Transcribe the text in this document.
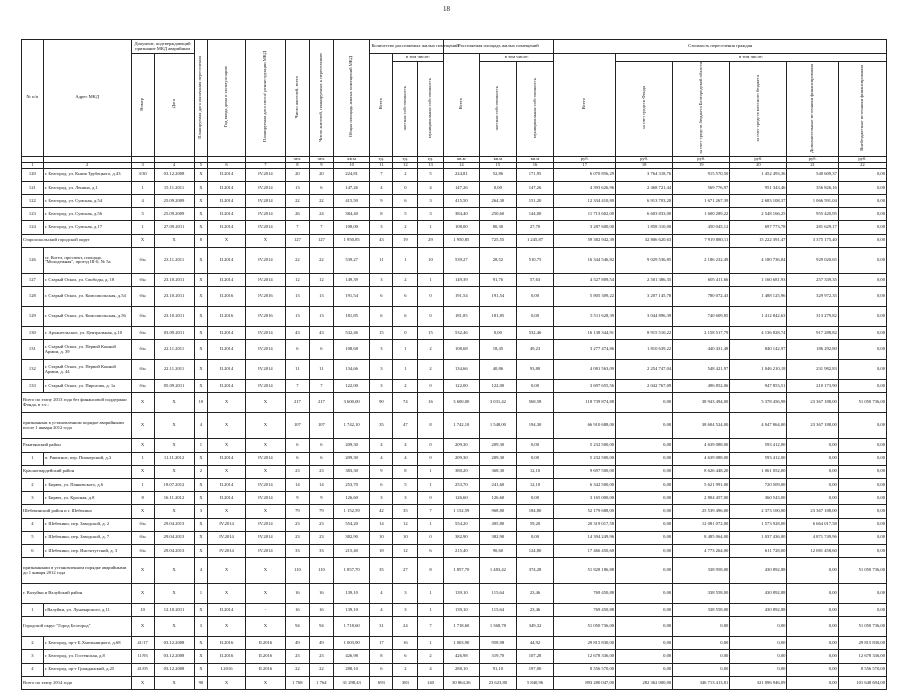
18
№ п/п	Адрес МКД	Документ, подтверждающий признание МКД аварийным		Планируемая дата окончания переселения	Год ввода дома в эксплуатацию	Планируемая дата сноса/ реконструкции МКД	Число жителей, всего	Число жителей, планируемых к переселению	Общая площадь жилых помещений МКД	Количество расселяемых жилых помещений			Расселяемая площадь жилых помещений			Стоимость переселения граждан					
		Номер	Дата							Всего	в том числе:		Всего	в том числе:		Всего	в том числе:				
											частная собственность	муниципальная собственность		частная собственность	муниципальная собственность		за счет средств Фонда	за счет средств бюджета Белгородской области	за счет средств местного бюджета	Дополнительные источники финансирования	Внебюджетные источники финансирования
							чел.	чел.	кв.м	ед.	ед.	ед.	кв.м	кв.м	кв.м	руб.	руб.	руб.	руб.	руб.	руб.
1	2	3	4	5	6	7	8	9	10	11	12	13	14	15	16	17	18	19	20	21	22
120	г. Белгород, ул. Князя Трубецкого, д.43	3/30	03.12.2008	X	II.2014	IV.2014	20	20	224,81	7	2	5	224,81	52,86	171,95	6 070 856,29	3 764 318,76	915 570,50	1 452 493,36	540 609,37	0,00
121	г. Белгород, ул. Ленина, д.1	1	15.11.2011	X	II.2014	IV.2014	13	6	147,26	4	0	4	147,26	0,00	147,26	4 393 626,96	2 468 721,44	569 776,97	951 343,46	356 826,16	0,00
122	г. Белгород, ул. Сумская, д.54	4	25.09.2009	X	II.2014	IV.2014	22	22	415,50	9	6	3	415,50	264,30	151,20	12 334 410,80	6 913 703,20	1 671 267,39	2 683 108,37	1 066 591,04	0,00
123	г. Белгород, ул. Сумская, д.56	5	25.09.2009	X	II.2014	IV.2014	26	24	384,40	8	5	3	384,40	250,60	144,00	11 713 602,00	6 603 833,00	1 600 289,22	2 548 166,25	955 420,95	0,00
124	г. Белгород, ул. Сумская, д.17	1	27.09.2011	X	II.2014	IV.2014	7	7	108,00	3	2	1	108,00	80,30	27,70	3 287 600,00	1 858 310,00	450 045,12	697 773,78	281 629,17	0,00
Старооскольский городской округ		X	X	8	X	X	127	127	1 950,85	43	19	29	1 950,85	725,55	1 245,87	59 382 942,39	32 806 620,63	7 919 880,11	15 222 391,47	3 375 175,40	0,00
126	ст. Котел, проспект, площадь "Молодежная", проезд III-6, № 5а	б/н	23.11.2011	X	II.2014	IV.2014	22	22	539,27	11	1	10	539,27	28,52	510,75	16 344 546,82	9 029 536,85	2 186 232,49	4 180 736,84	929 020,65	0,00
127	г. Старый Оскол, ул. Свободы, д. 18	б/н	23.10.2011	X	II.2014	IV.2014	12	12	149,39	3	2	1	149,39	91,76	57,63	4 527 809,54	2 501 386,35	605 411,66	1 160 681,93	257 339,35	0,00
128	г. Старый Оскол, ул. Комсомольская, д.54	б/н	23.10.2011	X	II.2016	IV.2016	13	13	191,54	6	6	0	191,54	191,54	0,00	5 805 309,22	3 207 145,78	780 072,43	1 488 125,96	329 972,35	0,00
129	г. Старый Оскол, ул. Комсомольская, д.56	б/н	23.10.2011	X	II.2016	IV.2016	13	13	181,85	6	6	0	181,85	181,85	0,00	5 511 628,39	3 044 896,39	740 609,85	1 412 842,63	313 279,82	0,00
130	г. Архангельское, ул. Центральная, д.10	б/н	03.09.2011	X	II.2014	IV.2014	43	43	532,46	15	0	15	532,46	0,00	532,46	16 138 344,91	8 915 510,22	2 158 517,79	4 136 828,74	917 288,82	0,00
131	г. Старый Оскол, ул. Первой Конной Армии, д. 39	б/н	22.11.2011	X	II.2014	IV.2014	6	6	108,68	3	1	2	108,68	18,45	49,23	3 277 474,86	1 810 639,22	440 431,48	840 142,97	186 292,80	0,00
132	г. Старый Оскол, ул. Первой Конной Армии, д. 44	б/н	22.11.2011	X	II.2014	IV.2014	11	11	134,66	3	1	2	134,66	40,86	93,80	4 081 563,09	2 254 747,04	548 421,97	1 046 210,18	231 982,83	0,00
133	г. Старый Оскол, ул. Пирогова, д. 1а	б/н	05.09.2011	X	II.2014	IV.2014	7	7	122,00	3	2	0	122,00	122,00	0,00	3 697 655,56	2 042 767,09	496 852,06	947 853,51	210 173,90	0,00
Всего по этапу 2013 года без финансовой поддержки Фонда, в т.ч.:		X	X	10	X	X	217	217	3 600,00	90	74	16	3 600,00	3 031,42	568,58	118 739 874,88	0,00	38 943 494,00	5 378 456,98	23 367 188,00	51 050 736,00
признанным в установленном порядке аварийными после 1 января 2012 года		X	X	4	X	X	107	107	1 742,10	35	47	8	1 742,10	1 548,00	194,30	66 910 688,00	0,00	38 604 524,00	4 047 864,00	23 367 188,00	0,00
Ракитянский район		X	X	1	X	X	6	6	209,30	4	4	0	209,30	209,30	0,00	5 232 500,00	0,00	4 639 088,00	593 412,00	0,00	0,00
1	п. Ракитное, пер. Пионерский, д.3	1	11.11.2012	X	II.2014	IV.2014	6	6	209,30	4	4	0	209,30	209,30	0,00	5 232 500,00	0,00	4 639 088,00	593 412,00	0,00	0,00
Красногвардейский район		X	X	2	X	X	23	23	383,30	9	8	1	380,20	368,30	12,10	9 697 500,00	0,00	8 626 448,20	1 061 052,00	0,00	0,00
2	г. Бирюч, ул. Панковского, д.6	1	18.07.2012	X	II.2014	IV.2014	14	14	253,70	6	5	1	253,70	241,60	12,10	6 342 500,00	0,00	5 621 991,00	720 509,00	0,00	0,00
3	г. Бирюч, ул. Красная, д.8	8	16.11.2012	X	II.2014	IV.2014	9	9	126,60	3	3	0	126,60	126,60	0,00	3 165 000,00	0,00	2 804 457,00	360 543,00	0,00	0,00
Шебекинский район и г. Шебекино		X	X	3	X	X	79	79	1 152,59	42	35	7	1 152,59	968,80	184,80	52 179 688,00	0,00	25 539 496,00	2 373 100,00	23 367 188,00	0,00
4	г. Шебекино, пер. Заводской, д. 2	б/н	29.04.2013	X	IV.2014	IV.2014	23	23	554,20	14	12	1	554,20	495,80	59,20	20 319 017,58	0,00	12 081 072,00	1 573 928,00	6 664 017,58	0,00
5	г. Шебекино, пер. Заводской, д. 7	б/н	29.04.2013	X	IV.2014	IV.2014	23	23	382,90	10	10	0	382,90	382,90	0,00	14 394 249,96	0,00	8 485 064,00	1 037 436,00	4 871 749,96	0,00
6	г. Шебекино, пер. Институтский, д. 3	б/н	29.04.2013	X	IV.2014	IV.2014	33	33	215,40	18	12	6	215,40	90,60	124,80	17 466 450,60	0,00	4 773 264,00	611 728,00	12 081 458,60	0,00
признанными в установленном порядке аварийными до 1 января 2012 года		X	X	4	X	X	110	110	1 857,70	35	27	8	1 857,70	1 483,42	374,28	51 828 186,88	0,00	338 958,00	430 892,88	0,00	51 050 736,00
г. Валуйки и Валуйский район		X	X	1	X	X	16	16	139,10	4	3	1	139,10	115,64	23,46	769 450,88	0,00	338 558,00	430 892,88	0,00	0,00
1	г.Валуйки, ул. Луначарского, д.11	10	12.10.2011	X	II.2014	-	16	16	139,10	4	3	1	139,10	115,64	23,46	769 450,88	0,00	338 558,00	430 892,88	0,00	0,00
Городской округ "Город Белгород"		X	X	3	X	X	94	94	1 718,60	31	24	7	1 718,60	1 368,78	349,32	51 050 736,00	0,00	0,00	0,00	0,00	51 050 736,00
2	г. Белгород, пр-т Б.Хмельницкого, д.68	41/17	03.12.2008	X	II.2016	II.2016	49	49	1 003,90	17	16	1	1 003,90	958,98	44,92	29 815 830,00	0,00	0,00	0,00	0,00	29 815 830,00
3	г. Белгород, ул. Гостенская, д.8	11/93	03.12.2008	X	II.2016	II.2016	23	23	426,98	8	6	2	426,98	319,70	107,28	12 678 336,00	0,00	0,00	0,00	0,00	12 678 336,00
4	г. Белгород, пр-т Гражданский, д.25	41/05	03.12.2008	X	I.2016	II.2016	22	22	288,10	6	2	4	288,10	91,10	197,00	8 556 570,00	0,00	0,00	0,00	0,00	8 556 570,00
Всего по этапу 2014 года		X	X	90	X	X	1 768	1 764	31 298,43	693	383	140	30 864,36	23 623,80	5 840,96	893 280 047,00	282 362 000,00	346 713 413,81	321 096 946,09	0,00	101 648 694,00
